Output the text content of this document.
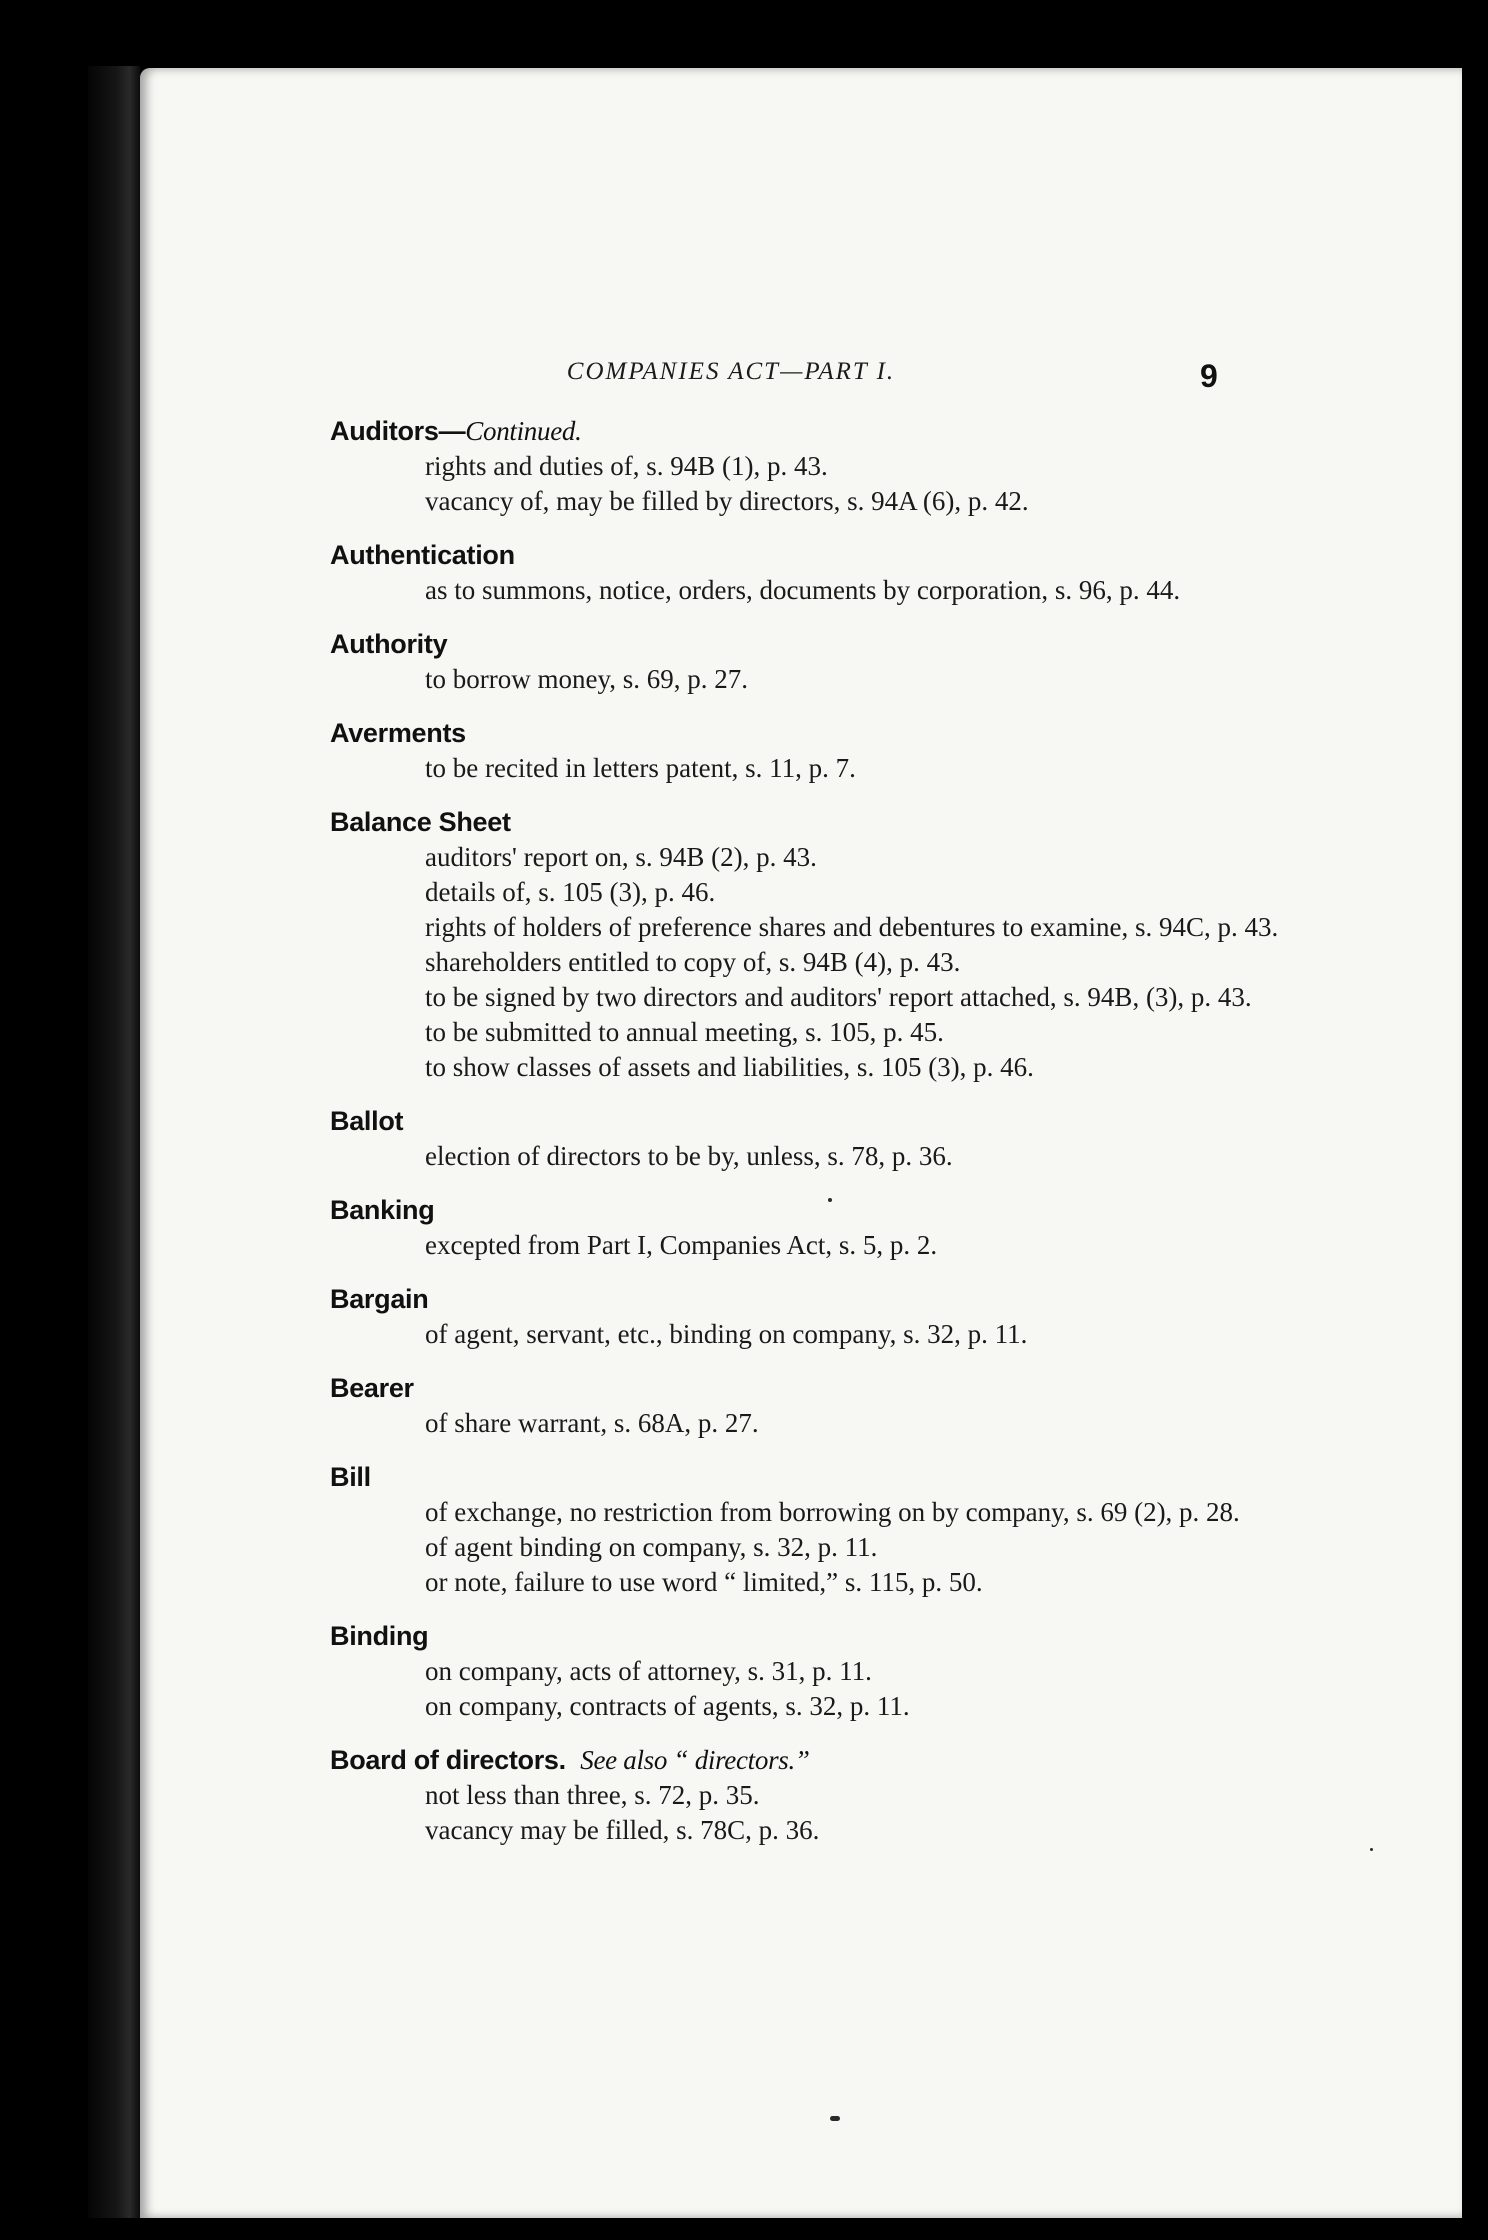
COMPANIES ACT—PART I.	9
Auditors—Continued.
rights and duties of, s. 94B (1), p. 43.
vacancy of, may be filled by directors, s. 94A (6), p. 42.
Authentication
as to summons, notice, orders, documents by corporation, s. 96, p. 44.
Authority
to borrow money, s. 69, p. 27.
Averments
to be recited in letters patent, s. 11, p. 7.
Balance Sheet
auditors' report on, s. 94B (2), p. 43.
details of, s. 105 (3), p. 46.
rights of holders of preference shares and debentures to examine, s. 94C, p. 43.
shareholders entitled to copy of, s. 94B (4), p. 43.
to be signed by two directors and auditors' report attached, s. 94B, (3), p. 43.
to be submitted to annual meeting, s. 105, p. 45.
to show classes of assets and liabilities, s. 105 (3), p. 46.
Ballot
election of directors to be by, unless, s. 78, p. 36.
Banking
excepted from Part I, Companies Act, s. 5, p. 2.
Bargain
of agent, servant, etc., binding on company, s. 32, p. 11.
Bearer
of share warrant, s. 68A, p. 27.
Bill
of exchange, no restriction from borrowing on by company, s. 69 (2), p. 28.
of agent binding on company, s. 32, p. 11.
or note, failure to use word “ limited,” s. 115, p. 50.
Binding
on company, acts of attorney, s. 31, p. 11.
on company, contracts of agents, s. 32, p. 11.
Board of directors. See also “ directors.”
not less than three, s. 72, p. 35.
vacancy may be filled, s. 78C, p. 36.
